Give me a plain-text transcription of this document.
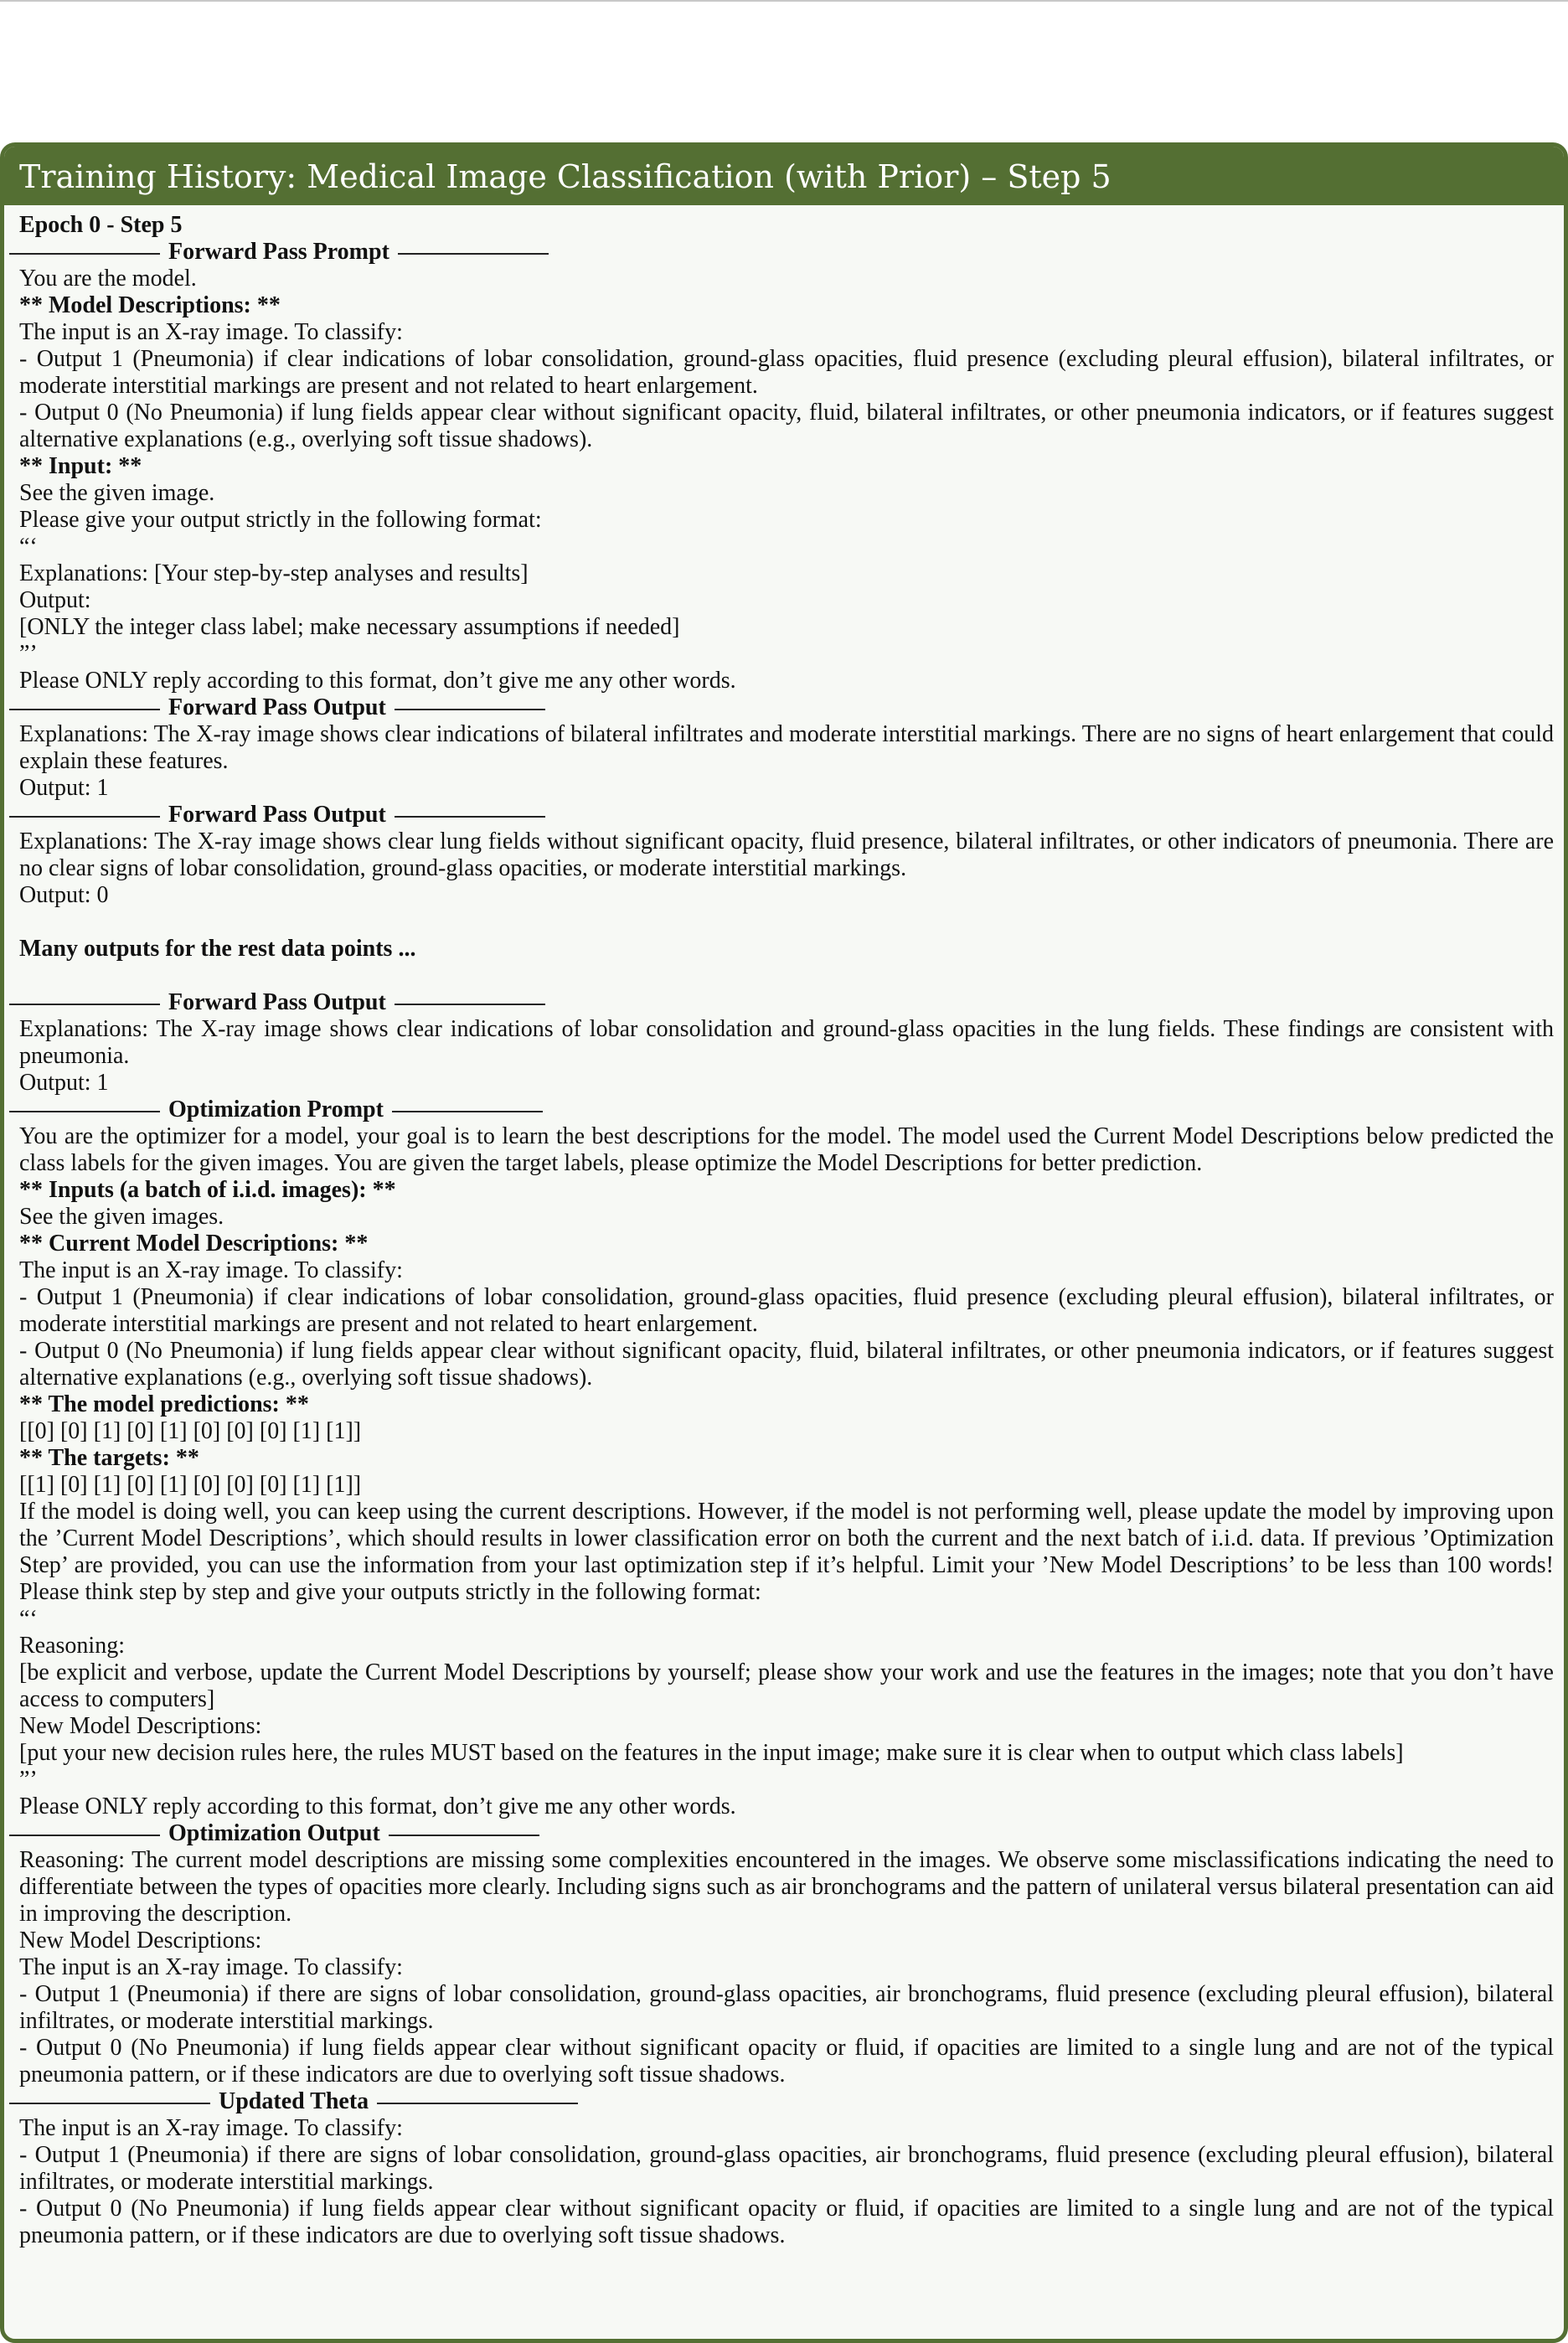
Training History: Medical Image Classification (with Prior) – Step 5

Epoch 0 - Step 5

Forward Pass Prompt

You are the model.

** Model Descriptions: **

The input is an X-ray image. To classify:

- Output 1 (Pneumonia) if clear indications of lobar consolidation, ground-glass opacities, fluid presence (excluding pleural effusion), bilateral infiltrates, or moderate interstitial markings are present and not related to heart enlargement.

- Output 0 (No Pneumonia) if lung fields appear clear without significant opacity, fluid, bilateral infiltrates, or other pneumonia indicators, or if features suggest alternative explanations (e.g., overlying soft tissue shadows).

** Input: **

See the given image.

Please give your output strictly in the following format:

“‘

Explanations: [Your step-by-step analyses and results]

Output:

[ONLY the integer class label; make necessary assumptions if needed]

”’

Please ONLY reply according to this format, don’t give me any other words.

Forward Pass Output

Explanations: The X-ray image shows clear indications of bilateral infiltrates and moderate interstitial markings. There are no signs of heart enlargement that could explain these features.

Output: 1

Forward Pass Output

Explanations: The X-ray image shows clear lung fields without significant opacity, fluid presence, bilateral infiltrates, or other indicators of pneumonia. There are no clear signs of lobar consolidation, ground-glass opacities, or moderate interstitial markings.

Output: 0

Many outputs for the rest data points ...

Forward Pass Output

Explanations: The X-ray image shows clear indications of lobar consolidation and ground-glass opacities in the lung fields. These findings are consistent with pneumonia.

Output: 1

Optimization Prompt

You are the optimizer for a model, your goal is to learn the best descriptions for the model. The model used the Current Model Descriptions below predicted the class labels for the given images. You are given the target labels, please optimize the Model Descriptions for better prediction.

** Inputs (a batch of i.i.d. images): **

See the given images.

** Current Model Descriptions: **

The input is an X-ray image. To classify:

- Output 1 (Pneumonia) if clear indications of lobar consolidation, ground-glass opacities, fluid presence (excluding pleural effusion), bilateral infiltrates, or moderate interstitial markings are present and not related to heart enlargement.

- Output 0 (No Pneumonia) if lung fields appear clear without significant opacity, fluid, bilateral infiltrates, or other pneumonia indicators, or if features suggest alternative explanations (e.g., overlying soft tissue shadows).

** The model predictions: **

[[0] [0] [1] [0] [1] [0] [0] [0] [1] [1]]

** The targets: **

[[1] [0] [1] [0] [1] [0] [0] [0] [1] [1]]

If the model is doing well, you can keep using the current descriptions. However, if the model is not performing well, please update the model by improving upon the ’Current Model Descriptions’, which should results in lower classification error on both the current and the next batch of i.i.d. data. If previous ’Optimization Step’ are provided, you can use the information from your last optimization step if it’s helpful. Limit your ’New Model Descriptions’ to be less than 100 words! Please think step by step and give your outputs strictly in the following format:

“‘

Reasoning:

[be explicit and verbose, update the Current Model Descriptions by yourself; please show your work and use the features in the images; note that you don’t have access to computers]

New Model Descriptions:

[put your new decision rules here, the rules MUST based on the features in the input image; make sure it is clear when to output which class labels]

”’

Please ONLY reply according to this format, don’t give me any other words.

Optimization Output

Reasoning: The current model descriptions are missing some complexities encountered in the images. We observe some misclassifications indicating the need to differentiate between the types of opacities more clearly. Including signs such as air bronchograms and the pattern of unilateral versus bilateral presentation can aid in improving the description.

New Model Descriptions:

The input is an X-ray image. To classify:

- Output 1 (Pneumonia) if there are signs of lobar consolidation, ground-glass opacities, air bronchograms, fluid presence (excluding pleural effusion), bilateral infiltrates, or moderate interstitial markings.

- Output 0 (No Pneumonia) if lung fields appear clear without significant opacity or fluid, if opacities are limited to a single lung and are not of the typical pneumonia pattern, or if these indicators are due to overlying soft tissue shadows.

Updated Theta

The input is an X-ray image. To classify:

- Output 1 (Pneumonia) if there are signs of lobar consolidation, ground-glass opacities, air bronchograms, fluid presence (excluding pleural effusion), bilateral infiltrates, or moderate interstitial markings.

- Output 0 (No Pneumonia) if lung fields appear clear without significant opacity or fluid, if opacities are limited to a single lung and are not of the typical pneumonia pattern, or if these indicators are due to overlying soft tissue shadows.
